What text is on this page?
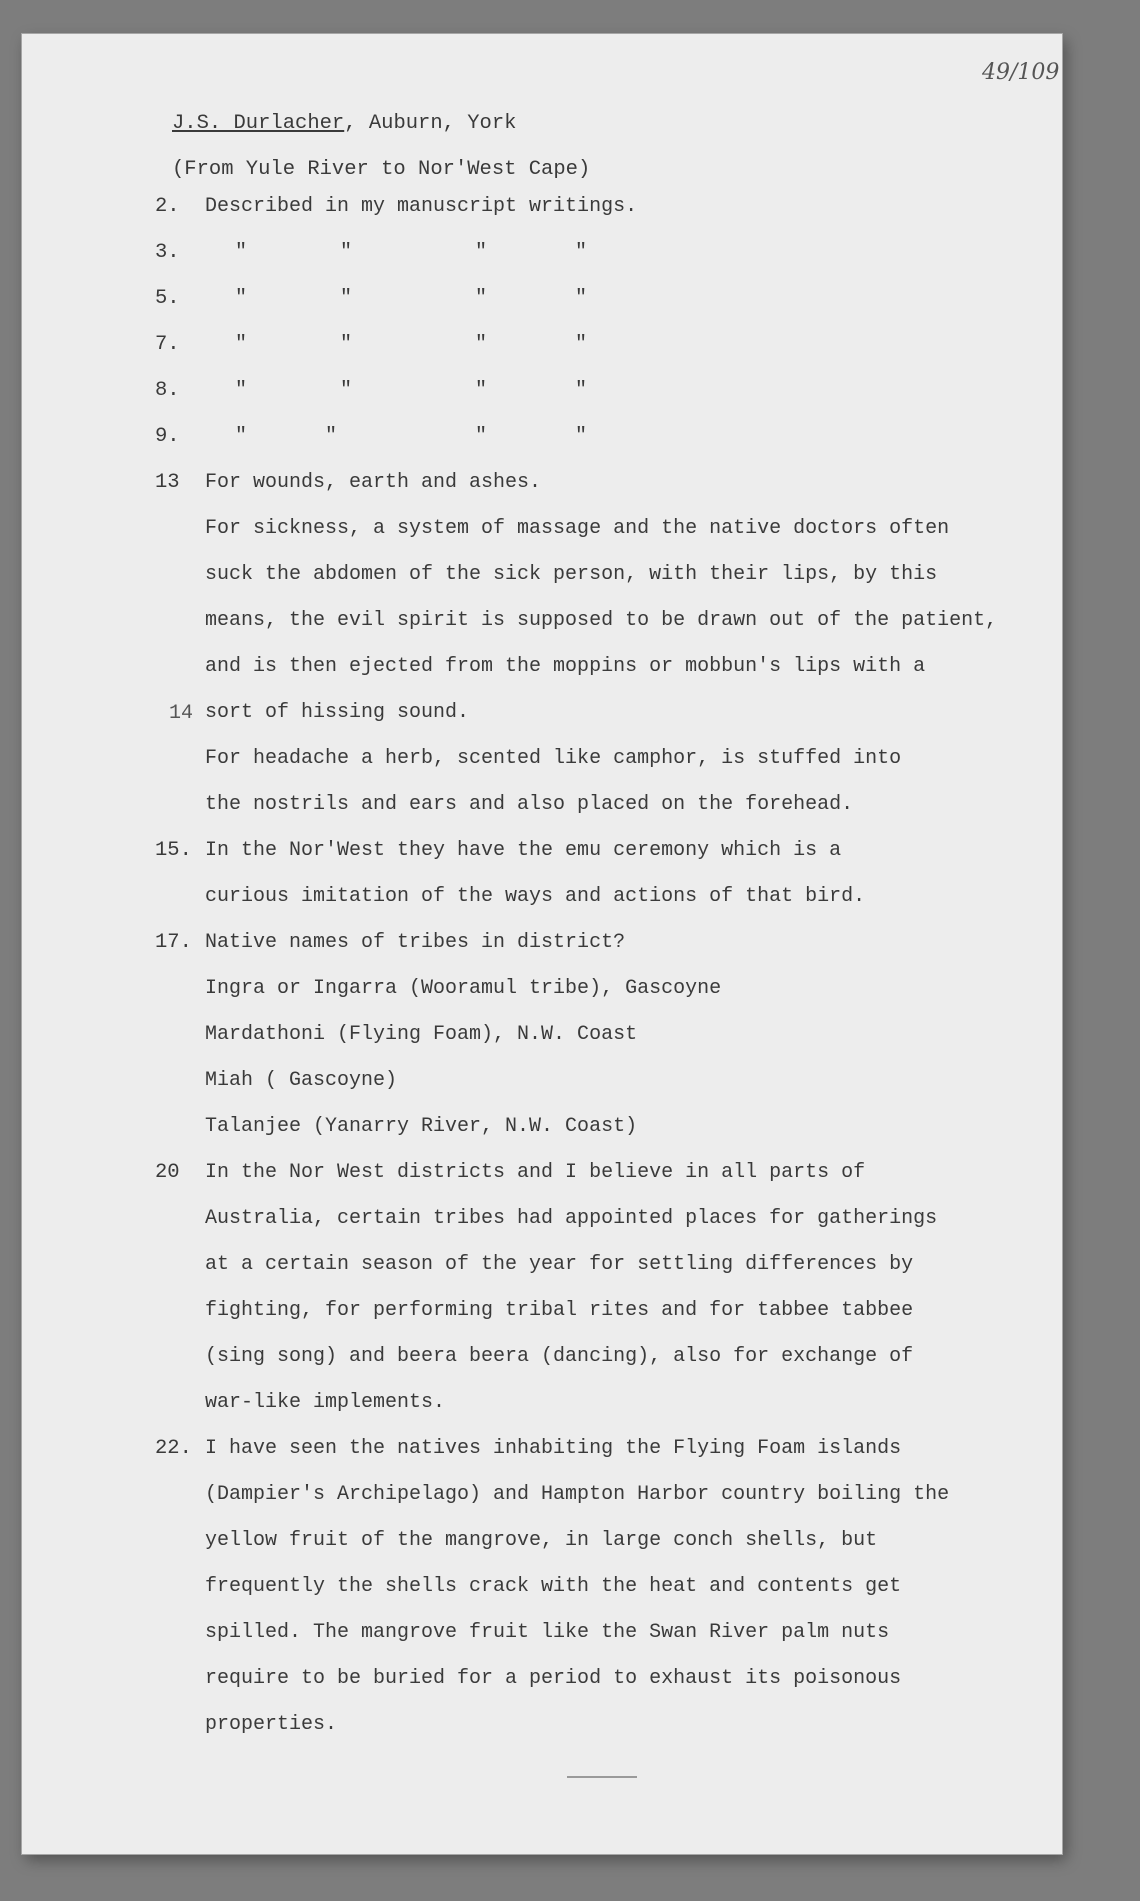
49/109
J.S. Durlacher, Auburn, York
(From Yule River to Nor'West Cape)
2.	Described in my manuscript writings.
3.	"	"	"	"
5.	"	"	"	"
7.	"	"	"	"
8.	"	"	"	"
9.	"	"	"	"
13	For wounds, earth and ashes.
For sickness, a system of massage and the native doctors often
suck the abdomen of the sick person, with their lips, by this
means, the evil spirit is supposed to be drawn out of the patient,
and is then ejected from the moppins or mobbun's lips with a
sort of hissing sound.
For headache a herb, scented like camphor, is stuffed into
the nostrils and ears and also placed on the forehead.
14
15. In the Nor'West they have the emu ceremony which is a
curious imitation of the ways and actions of that bird.
17. Native names of tribes in district?
Ingra or Ingarra (Wooramul tribe), Gascoyne
Mardathoni (Flying Foam), N.W. Coast
Miah ( Gascoyne)
Talanjee (Yanarry River, N.W. Coast)
20	In the Nor West districts and I believe in all parts of
Australia, certain tribes had appointed places for gatherings
at a certain season of the year for settling differences by
fighting, for performing tribal rites and for tabbee tabbee
(sing song) and beera beera (dancing), also for exchange of
war-like implements.
22. I have seen the natives inhabiting the Flying Foam islands
(Dampier's Archipelago) and Hampton Harbor country boiling the
yellow fruit of the mangrove, in large conch shells, but
frequently the shells crack with the heat and contents get
spilled. The mangrove fruit like the Swan River palm nuts
require to be buried for a period to exhaust its poisonous
properties.
